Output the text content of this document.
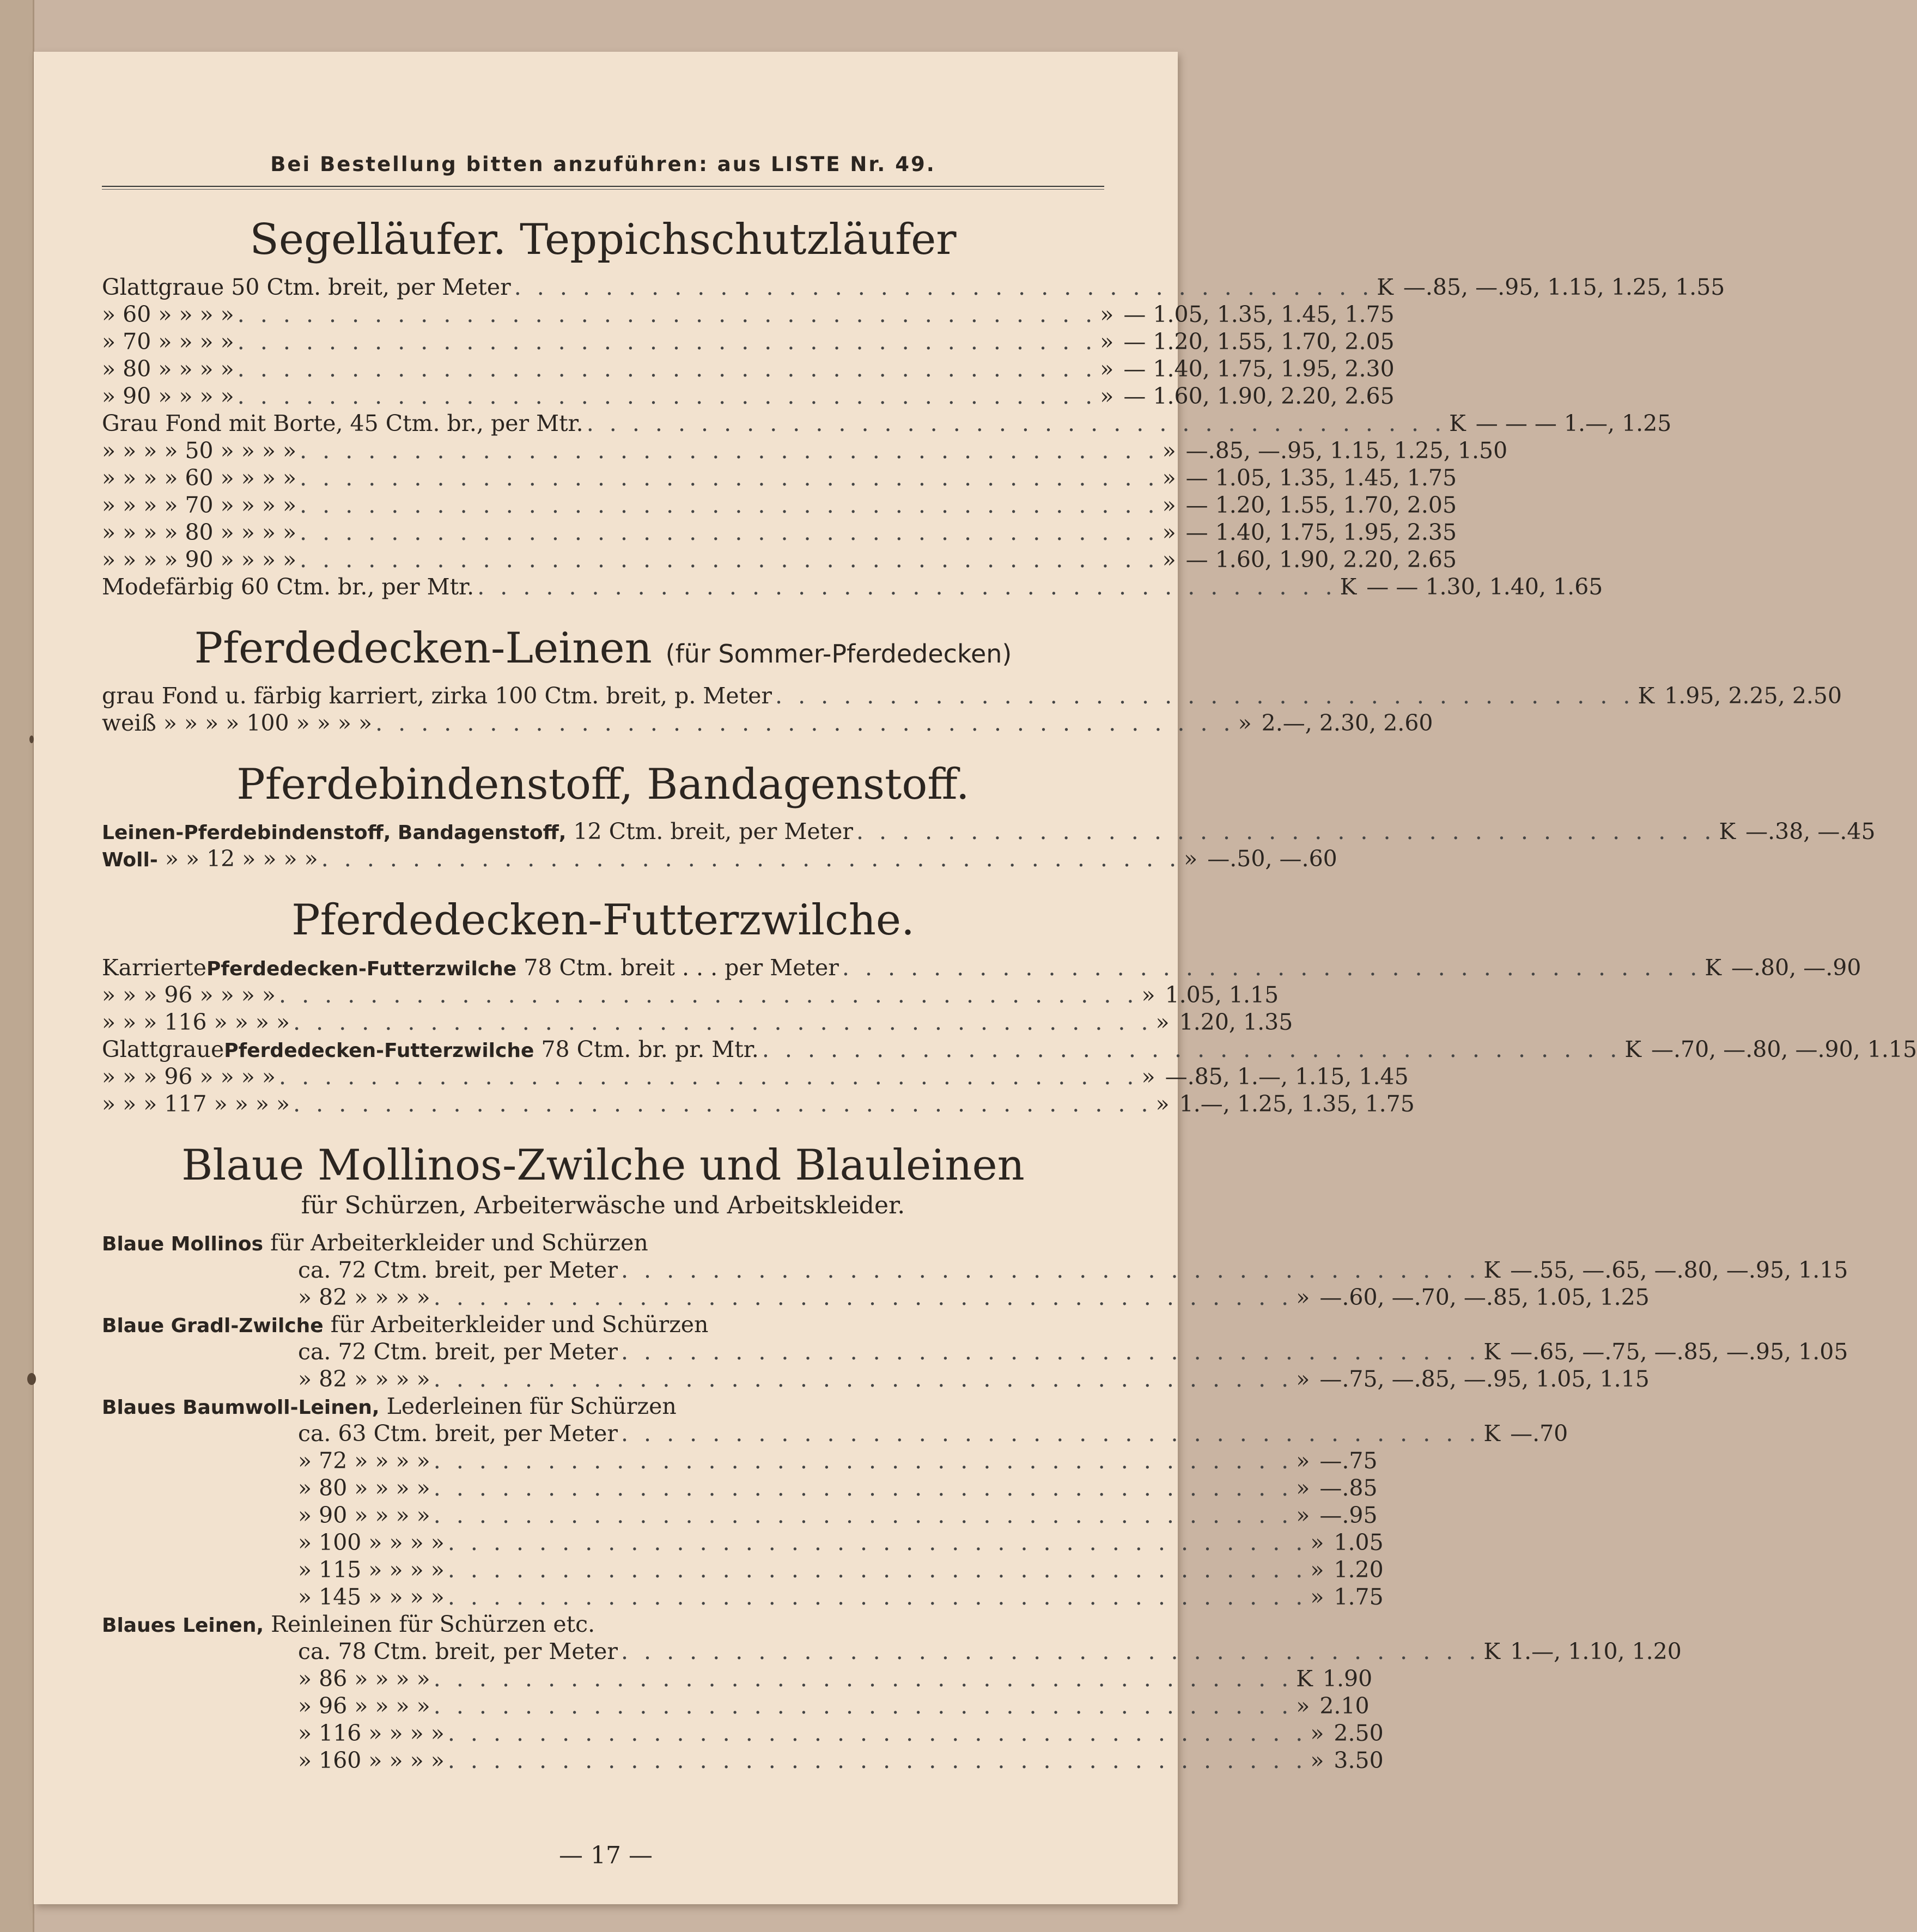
Bei Bestellung bitten anzuführen: aus LISTE Nr. 49.
Segelläufer. Teppichschutzläufer
Glattgraue 50 Ctm. breit, per Meter . . . . . . . . . . . . . . . . . . . . . . . . . . . . . . . . . . . . . . K —.85, —.95, 1.15, 1.25, 1.55
» 60 » » » » . . . . . . . . . . . . . . . . . . . . . . . . . . . . . . . . . . . . . . » — 1.05, 1.35, 1.45, 1.75
» 70 » » » » . . . . . . . . . . . . . . . . . . . . . . . . . . . . . . . . . . . . . . » — 1.20, 1.55, 1.70, 2.05
» 80 » » » » . . . . . . . . . . . . . . . . . . . . . . . . . . . . . . . . . . . . . . » — 1.40, 1.75, 1.95, 2.30
» 90 » » » » . . . . . . . . . . . . . . . . . . . . . . . . . . . . . . . . . . . . . . » — 1.60, 1.90, 2.20, 2.65
Grau Fond mit Borte, 45 Ctm. br., per Mtr. . . . . . . . . . . . . . . . . . . . . . . . . . . . . . . . . . . . . . . K — — — 1.—, 1.25
» » » » 50 » » » » . . . . . . . . . . . . . . . . . . . . . . . . . . . . . . . . . . . . . . » —.85, —.95, 1.15, 1.25, 1.50
» » » » 60 » » » » . . . . . . . . . . . . . . . . . . . . . . . . . . . . . . . . . . . . . . » — 1.05, 1.35, 1.45, 1.75
» » » » 70 » » » » . . . . . . . . . . . . . . . . . . . . . . . . . . . . . . . . . . . . . . » — 1.20, 1.55, 1.70, 2.05
» » » » 80 » » » » . . . . . . . . . . . . . . . . . . . . . . . . . . . . . . . . . . . . . . » — 1.40, 1.75, 1.95, 2.35
» » » » 90 » » » » . . . . . . . . . . . . . . . . . . . . . . . . . . . . . . . . . . . . . . » — 1.60, 1.90, 2.20, 2.65
Modefärbig 60 Ctm. br., per Mtr. . . . . . . . . . . . . . . . . . . . . . . . . . . . . . . . . . . . . . . K — — 1.30, 1.40, 1.65
Pferdedecken-Leinen (für Sommer-Pferdedecken)
grau Fond u. färbig karriert, zirka 100 Ctm. breit, p. Meter . . . . . . . . . . . . . . . . . . . . . . . . . . . . . . . . . . . . . . K 1.95, 2.25, 2.50
weiß » » » » 100 » » » » . . . . . . . . . . . . . . . . . . . . . . . . . . . . . . . . . . . . . . » 2.—, 2.30, 2.60
Pferdebindenstoff, Bandagenstoff.
Leinen-Pferdebindenstoff, Bandagenstoff, 12 Ctm. breit, per Meter . . . . . . . . . . . . . . . . . . . . . . . . . . . . . . . . . . . . . . K —.38, —.45
Woll- » » 12 » » » » . . . . . . . . . . . . . . . . . . . . . . . . . . . . . . . . . . . . . . » —.50, —.60
Pferdedecken-Futterzwilche.
KarriertePferdedecken-Futterzwilche 78 Ctm. breit . . . per Meter . . . . . . . . . . . . . . . . . . . . . . . . . . . . . . . . . . . . . . K —.80, —.90
» » » 96 » » » » . . . . . . . . . . . . . . . . . . . . . . . . . . . . . . . . . . . . . . » 1.05, 1.15
» » » 116 » » » » . . . . . . . . . . . . . . . . . . . . . . . . . . . . . . . . . . . . . . » 1.20, 1.35
GlattgrauePferdedecken-Futterzwilche 78 Ctm. br. pr. Mtr. . . . . . . . . . . . . . . . . . . . . . . . . . . . . . . . . . . . . . . K —.70, —.80, —.90, 1.15
» » » 96 » » » » . . . . . . . . . . . . . . . . . . . . . . . . . . . . . . . . . . . . . . » —.85, 1.—, 1.15, 1.45
» » » 117 » » » » . . . . . . . . . . . . . . . . . . . . . . . . . . . . . . . . . . . . . . » 1.—, 1.25, 1.35, 1.75
Blaue Mollinos-Zwilche und Blauleinen
für Schürzen, Arbeiterwäsche und Arbeitskleider.
Blaue Mollinos
für Arbeiterkleider und Schürzen
ca. 72 Ctm. breit, per Meter . . . . . . . . . . . . . . . . . . . . . . . . . . . . . . . . . . . . . . K —.55, —.65, —.80, —.95, 1.15
» 82 » » » » . . . . . . . . . . . . . . . . . . . . . . . . . . . . . . . . . . . . . . » —.60, —.70, —.85, 1.05, 1.25
Blaue Gradl-Zwilche
für Arbeiterkleider und Schürzen
ca. 72 Ctm. breit, per Meter . . . . . . . . . . . . . . . . . . . . . . . . . . . . . . . . . . . . . . K —.65, —.75, —.85, —.95, 1.05
» 82 » » » » . . . . . . . . . . . . . . . . . . . . . . . . . . . . . . . . . . . . . . » —.75, —.85, —.95, 1.05, 1.15
Blaues Baumwoll-Leinen,
Lederleinen für Schürzen
ca. 63 Ctm. breit, per Meter . . . . . . . . . . . . . . . . . . . . . . . . . . . . . . . . . . . . . . K —.70
» 72 » » » » . . . . . . . . . . . . . . . . . . . . . . . . . . . . . . . . . . . . . . » —.75
» 80 » » » » . . . . . . . . . . . . . . . . . . . . . . . . . . . . . . . . . . . . . . » —.85
» 90 » » » » . . . . . . . . . . . . . . . . . . . . . . . . . . . . . . . . . . . . . . » —.95
» 100 » » » » . . . . . . . . . . . . . . . . . . . . . . . . . . . . . . . . . . . . . . » 1.05
» 115 » » » » . . . . . . . . . . . . . . . . . . . . . . . . . . . . . . . . . . . . . . » 1.20
» 145 » » » » . . . . . . . . . . . . . . . . . . . . . . . . . . . . . . . . . . . . . . » 1.75
Blaues Leinen,
Reinleinen für Schürzen etc.
ca. 78 Ctm. breit, per Meter . . . . . . . . . . . . . . . . . . . . . . . . . . . . . . . . . . . . . . K 1.—, 1.10, 1.20
» 86 » » » » . . . . . . . . . . . . . . . . . . . . . . . . . . . . . . . . . . . . . . K 1.90
» 96 » » » » . . . . . . . . . . . . . . . . . . . . . . . . . . . . . . . . . . . . . . » 2.10
» 116 » » » » . . . . . . . . . . . . . . . . . . . . . . . . . . . . . . . . . . . . . . » 2.50
» 160 » » » » . . . . . . . . . . . . . . . . . . . . . . . . . . . . . . . . . . . . . . » 3.50
— 17 —
